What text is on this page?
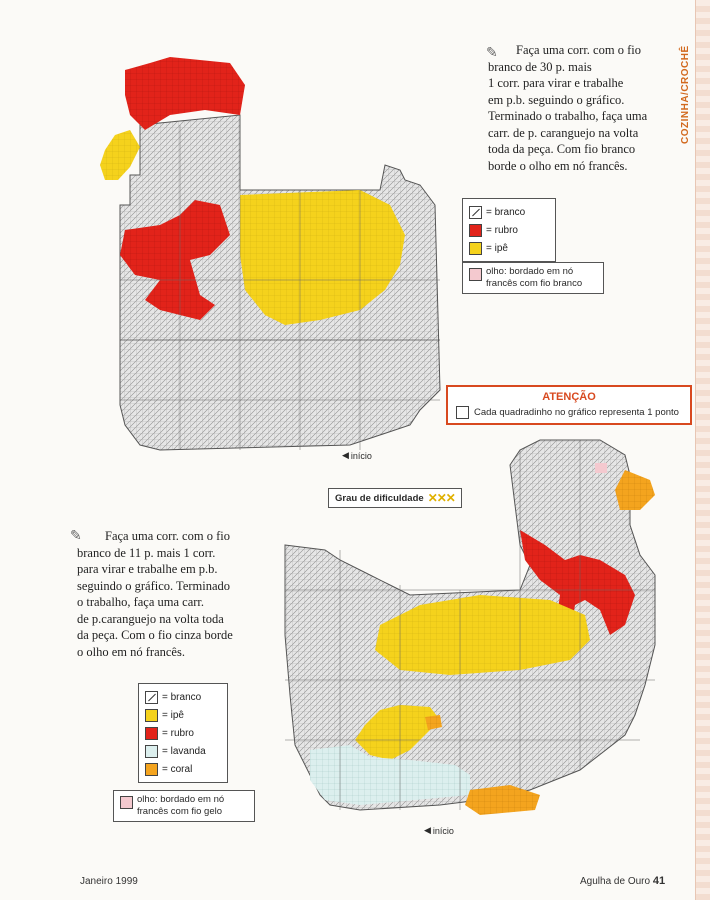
COZINHA/CROCHÊ
◀ início
✎	Faça uma corr. com o fio
branco de 30 p. mais
1 corr. para virar e trabalhe
em p.b. seguindo o gráfico.
Terminado o trabalho, faça uma
carr. de p. caranguejo na volta
toda da peça. Com fio branco
borde o olho em nó francês.
= branco
= rubro
= ipê
olho: bordado em nó
francês com fio branco
ATENÇÃO
Cada quadradinho no gráfico representa 1 ponto
Grau de dificuldade ✕✕✕
◀ início
✎	Faça uma corr. com o fio
branco de 11 p. mais 1 corr.
para virar e trabalhe em p.b.
seguindo o gráfico. Terminado
o trabalho, faça uma carr.
de p.caranguejo na volta toda
da peça. Com o fio cinza borde
o olho em nó francês.
= branco
= ipê
= rubro
= lavanda
= coral
olho: bordado em nó
francês com fio gelo
Janeiro 1999	Agulha de Ouro 41
